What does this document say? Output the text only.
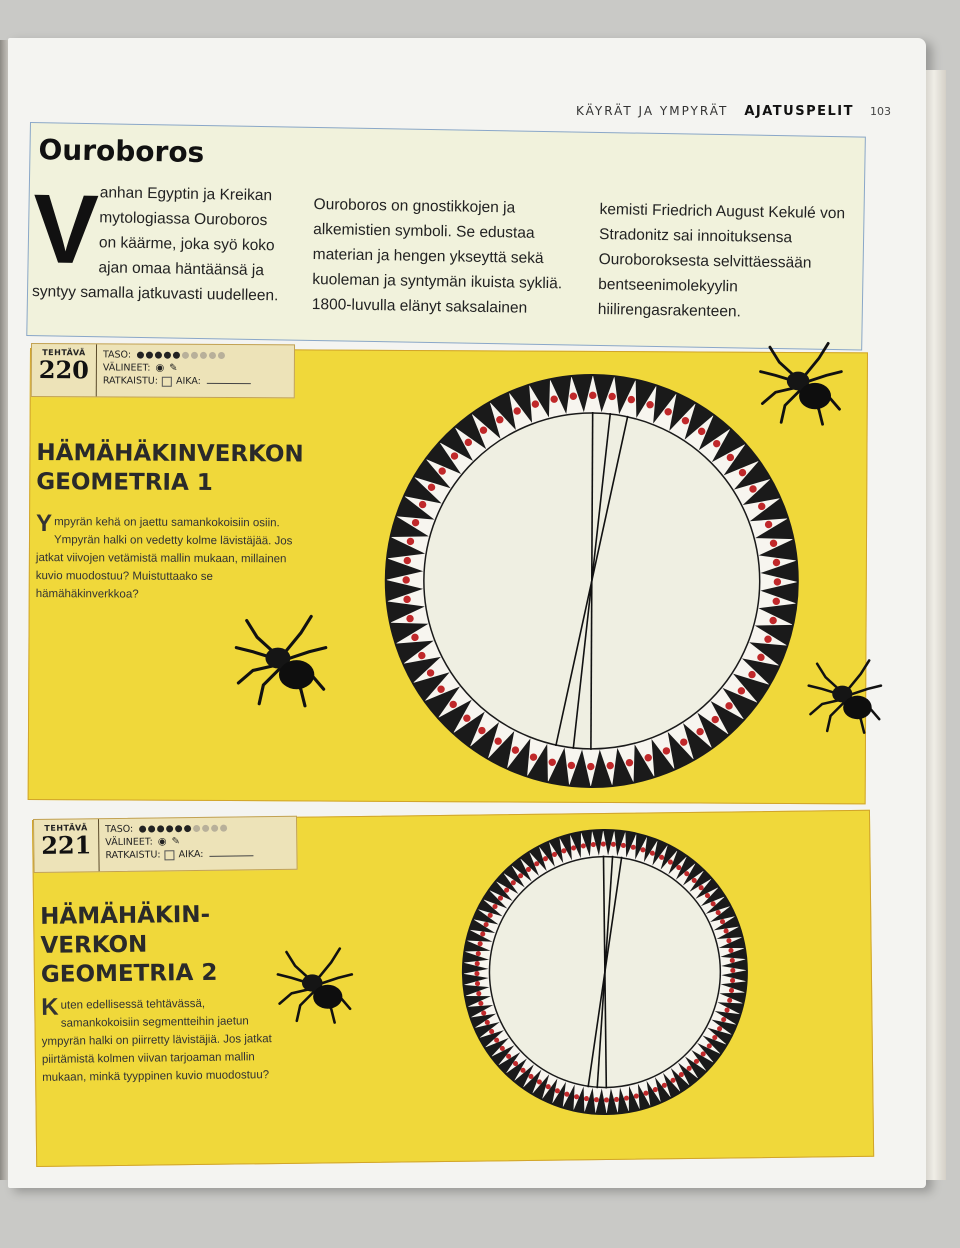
KÄYRÄT JA YMPYRÄT AJATUSPELIT 103
Ouroboros
V anhan Egyptin ja Kreikan
mytologiassa Ouroboros
on käärme, joka syö koko
ajan omaa häntäänsä ja
syntyy samalla jatkuvasti uudelleen.
Ouroboros on gnostikkojen ja alkemistien symboli. Se edustaa materian ja hengen ykseyttä sekä kuoleman ja syntymän ikuista sykliä. 1800-luvulla elänyt saksalainen
kemisti Friedrich August Kekulé von Stradonitz sai innoituksensa Ouroboroksesta selvittäessään bentseenimolekyylin hiilirengasrakenteen.
TEHTÄVÄ
220
TASO:
VÄLINEET: ◉ ✎
RATKAISTU: AIKA:
HÄMÄHÄKINVERKON GEOMETRIA 1
Ympyrän kehä on jaettu samankokoisiin osiin. Ympyrän halki on vedetty kolme lävistäjää. Jos jatkat viivojen vetämistä mallin mukaan, millainen kuvio muodostuu? Muistuttaako se hämähäkinverkkoa?
TEHTÄVÄ
221
TASO:
VÄLINEET: ◉ ✎
RATKAISTU: AIKA:
HÄMÄHÄKIN-VERKON GEOMETRIA 2
Kuten edellisessä tehtävässä, samankokoisiin segmentteihin jaetun ympyrän halki on piirretty lävistäjiä. Jos jatkat piirtämistä kolmen viivan tarjoaman mallin mukaan, minkä tyyppinen kuvio muodostuu?
